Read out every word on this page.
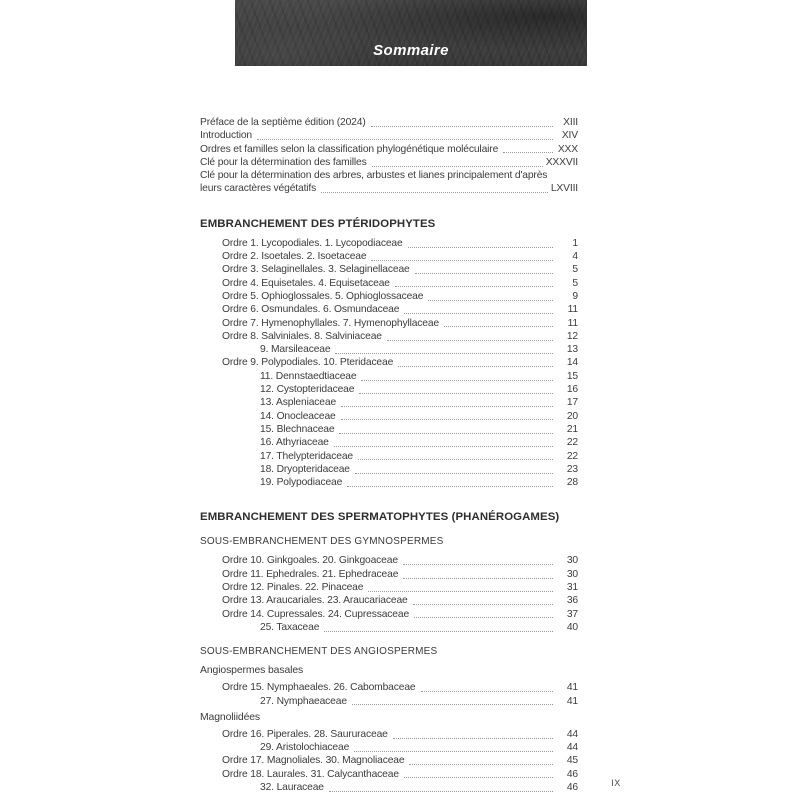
Sommaire
Préface de la septième édition (2024)	XIII
Introduction	XIV
Ordres et familles selon la classification phylogénétique moléculaire	XXX
Clé pour la détermination des familles	XXXVII
Clé pour la détermination des arbres, arbustes et lianes principalement d'après
leurs caractères végétatifs	LXVIII
EMBRANCHEMENT DES PTÉRIDOPHYTES
Ordre 1. Lycopodiales. 1. Lycopodiaceae	1
Ordre 2. Isoetales. 2. Isoetaceae	4
Ordre 3. Selaginellales. 3. Selaginellaceae	5
Ordre 4. Equisetales. 4. Equisetaceae	5
Ordre 5. Ophioglossales. 5. Ophioglossaceae	9
Ordre 6. Osmundales. 6. Osmundaceae	11
Ordre 7. Hymenophyllales. 7. Hymenophyllaceae	11
Ordre 8. Salviniales. 8. Salviniaceae	12
9. Marsileaceae	13
Ordre 9. Polypodiales. 10. Pteridaceae	14
11. Dennstaedtiaceae	15
12. Cystopteridaceae	16
13. Aspleniaceae	17
14. Onocleaceae	20
15. Blechnaceae	21
16. Athyriaceae	22
17. Thelypteridaceae	22
18. Dryopteridaceae	23
19. Polypodiaceae	28
EMBRANCHEMENT DES SPERMATOPHYTES (PHANÉROGAMES)
SOUS-EMBRANCHEMENT DES GYMNOSPERMES
Ordre 10. Ginkgoales. 20. Ginkgoaceae	30
Ordre 11. Ephedrales. 21. Ephedraceae	30
Ordre 12. Pinales. 22. Pinaceae	31
Ordre 13. Araucariales. 23. Araucariaceae	36
Ordre 14. Cupressales. 24. Cupressaceae	37
25. Taxaceae	40
SOUS-EMBRANCHEMENT DES ANGIOSPERMES
Angiospermes basales
Ordre 15. Nymphaeales. 26. Cabombaceae	41
27. Nymphaeaceae	41
Magnoliidées
Ordre 16. Piperales. 28. Saururaceae	44
29. Aristolochiaceae	44
Ordre 17. Magnoliales. 30. Magnoliaceae	45
Ordre 18. Laurales. 31. Calycanthaceae	46
32. Lauraceae	46	IX
